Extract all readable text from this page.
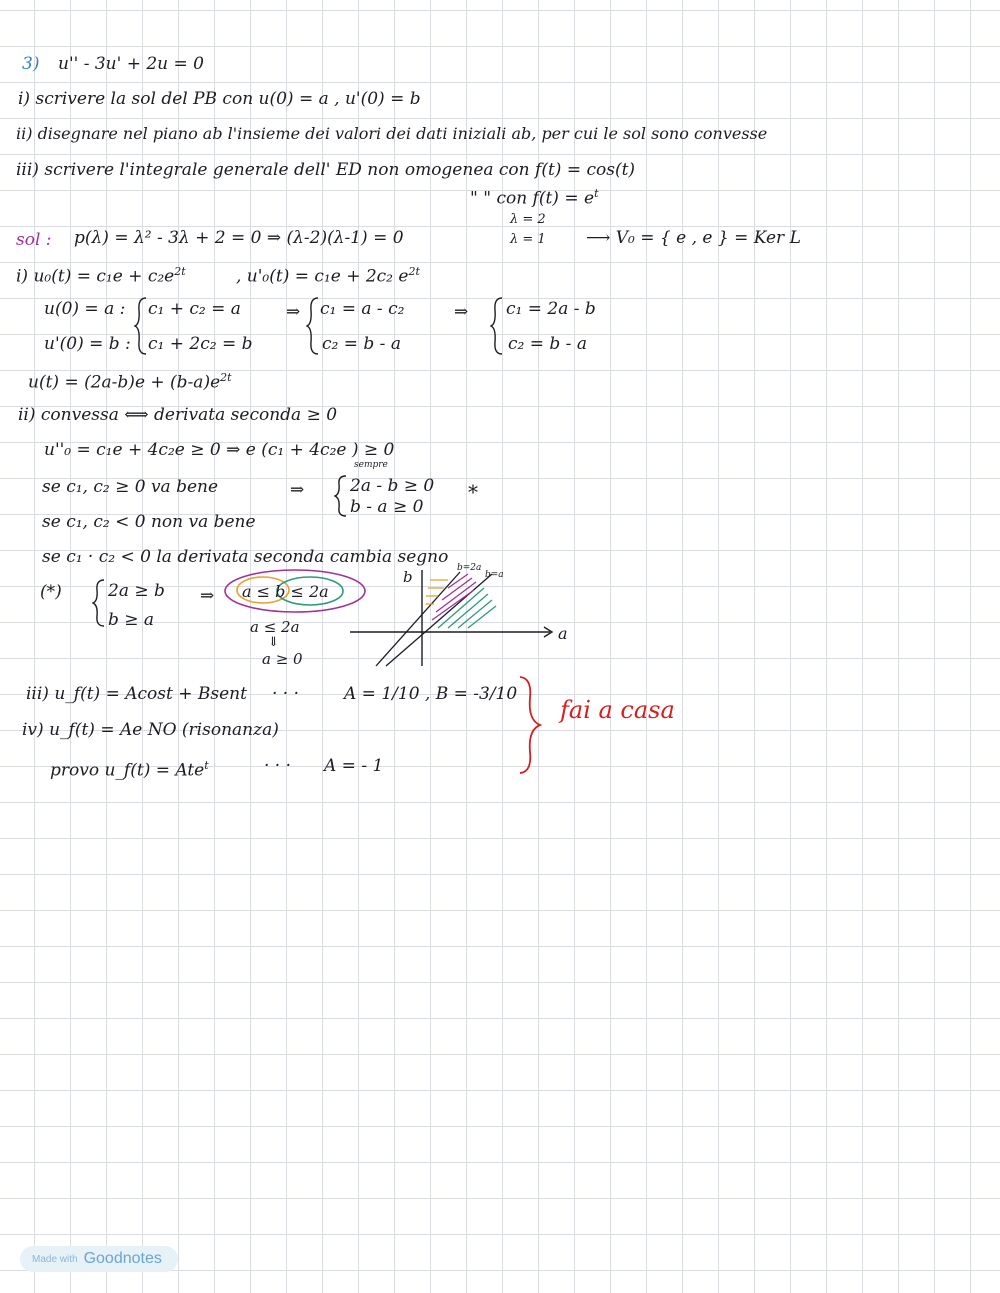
3) u'' - 3u' + 2u = 0
i) scrivere la sol del PB con u(0) = a , u'(0) = b
ii) disegnare nel piano ab l'insieme dei valori dei dati iniziali ab, per cui le sol sono convesse
iii) scrivere l'integrale generale dell' ED non omogenea con f(t) = cos(t)
" " con $f(t) = e^t$
sol : p(λ) = λ² - 3λ + 2 = 0 ⇒ (λ-2)(λ-1) = 0
λ = 2
λ = 1 ⟶ V₀ = { e , e } = Ker L
i) $u_0(t) = c_1e + c_2e^{2t}$	, u'₀(t) = c₁e + 2c₂ $e^{2t}$
u(0) = a :
u'(0) = b :
c₁ + c₂ = a
c₁ + 2c₂ = b
⇒ c₁ = a - c₂
c₂ = b - a
⇒ c₁ = 2a - b
c₂ = b - a
$u(t) = (2a-b)e + (b-a)e^{2t}$
ii) convessa ⟺ derivata seconda ≥ 0
u''₀ = c₁e + 4c₂e ≥ 0 ⇒ e (c₁ + 4c₂e ) ≥ 0
sempre
se c₁, c₂ ≥ 0 va bene	⇒	2a - b ≥ 0
b - a ≥ 0
*
se c₁, c₂ < 0 non va bene
se c₁ · c₂ < 0 la derivata seconda cambia segno
(*)	2a ≥ b
b ≥ a
⇒ a ≤ b ≤ 2a
a ≤ 2a
⇓
a ≥ 0
b
a
b=2a
b=a
iii) u_f(t) = Acost + Bsent · · ·	A = 1/10 , B = -3/10
iv) u_f(t) = Ae NO (risonanza)
provo u_f(t) = Ate$^t$	· · · A = - 1
fai a casa
Made with Goodnotes
